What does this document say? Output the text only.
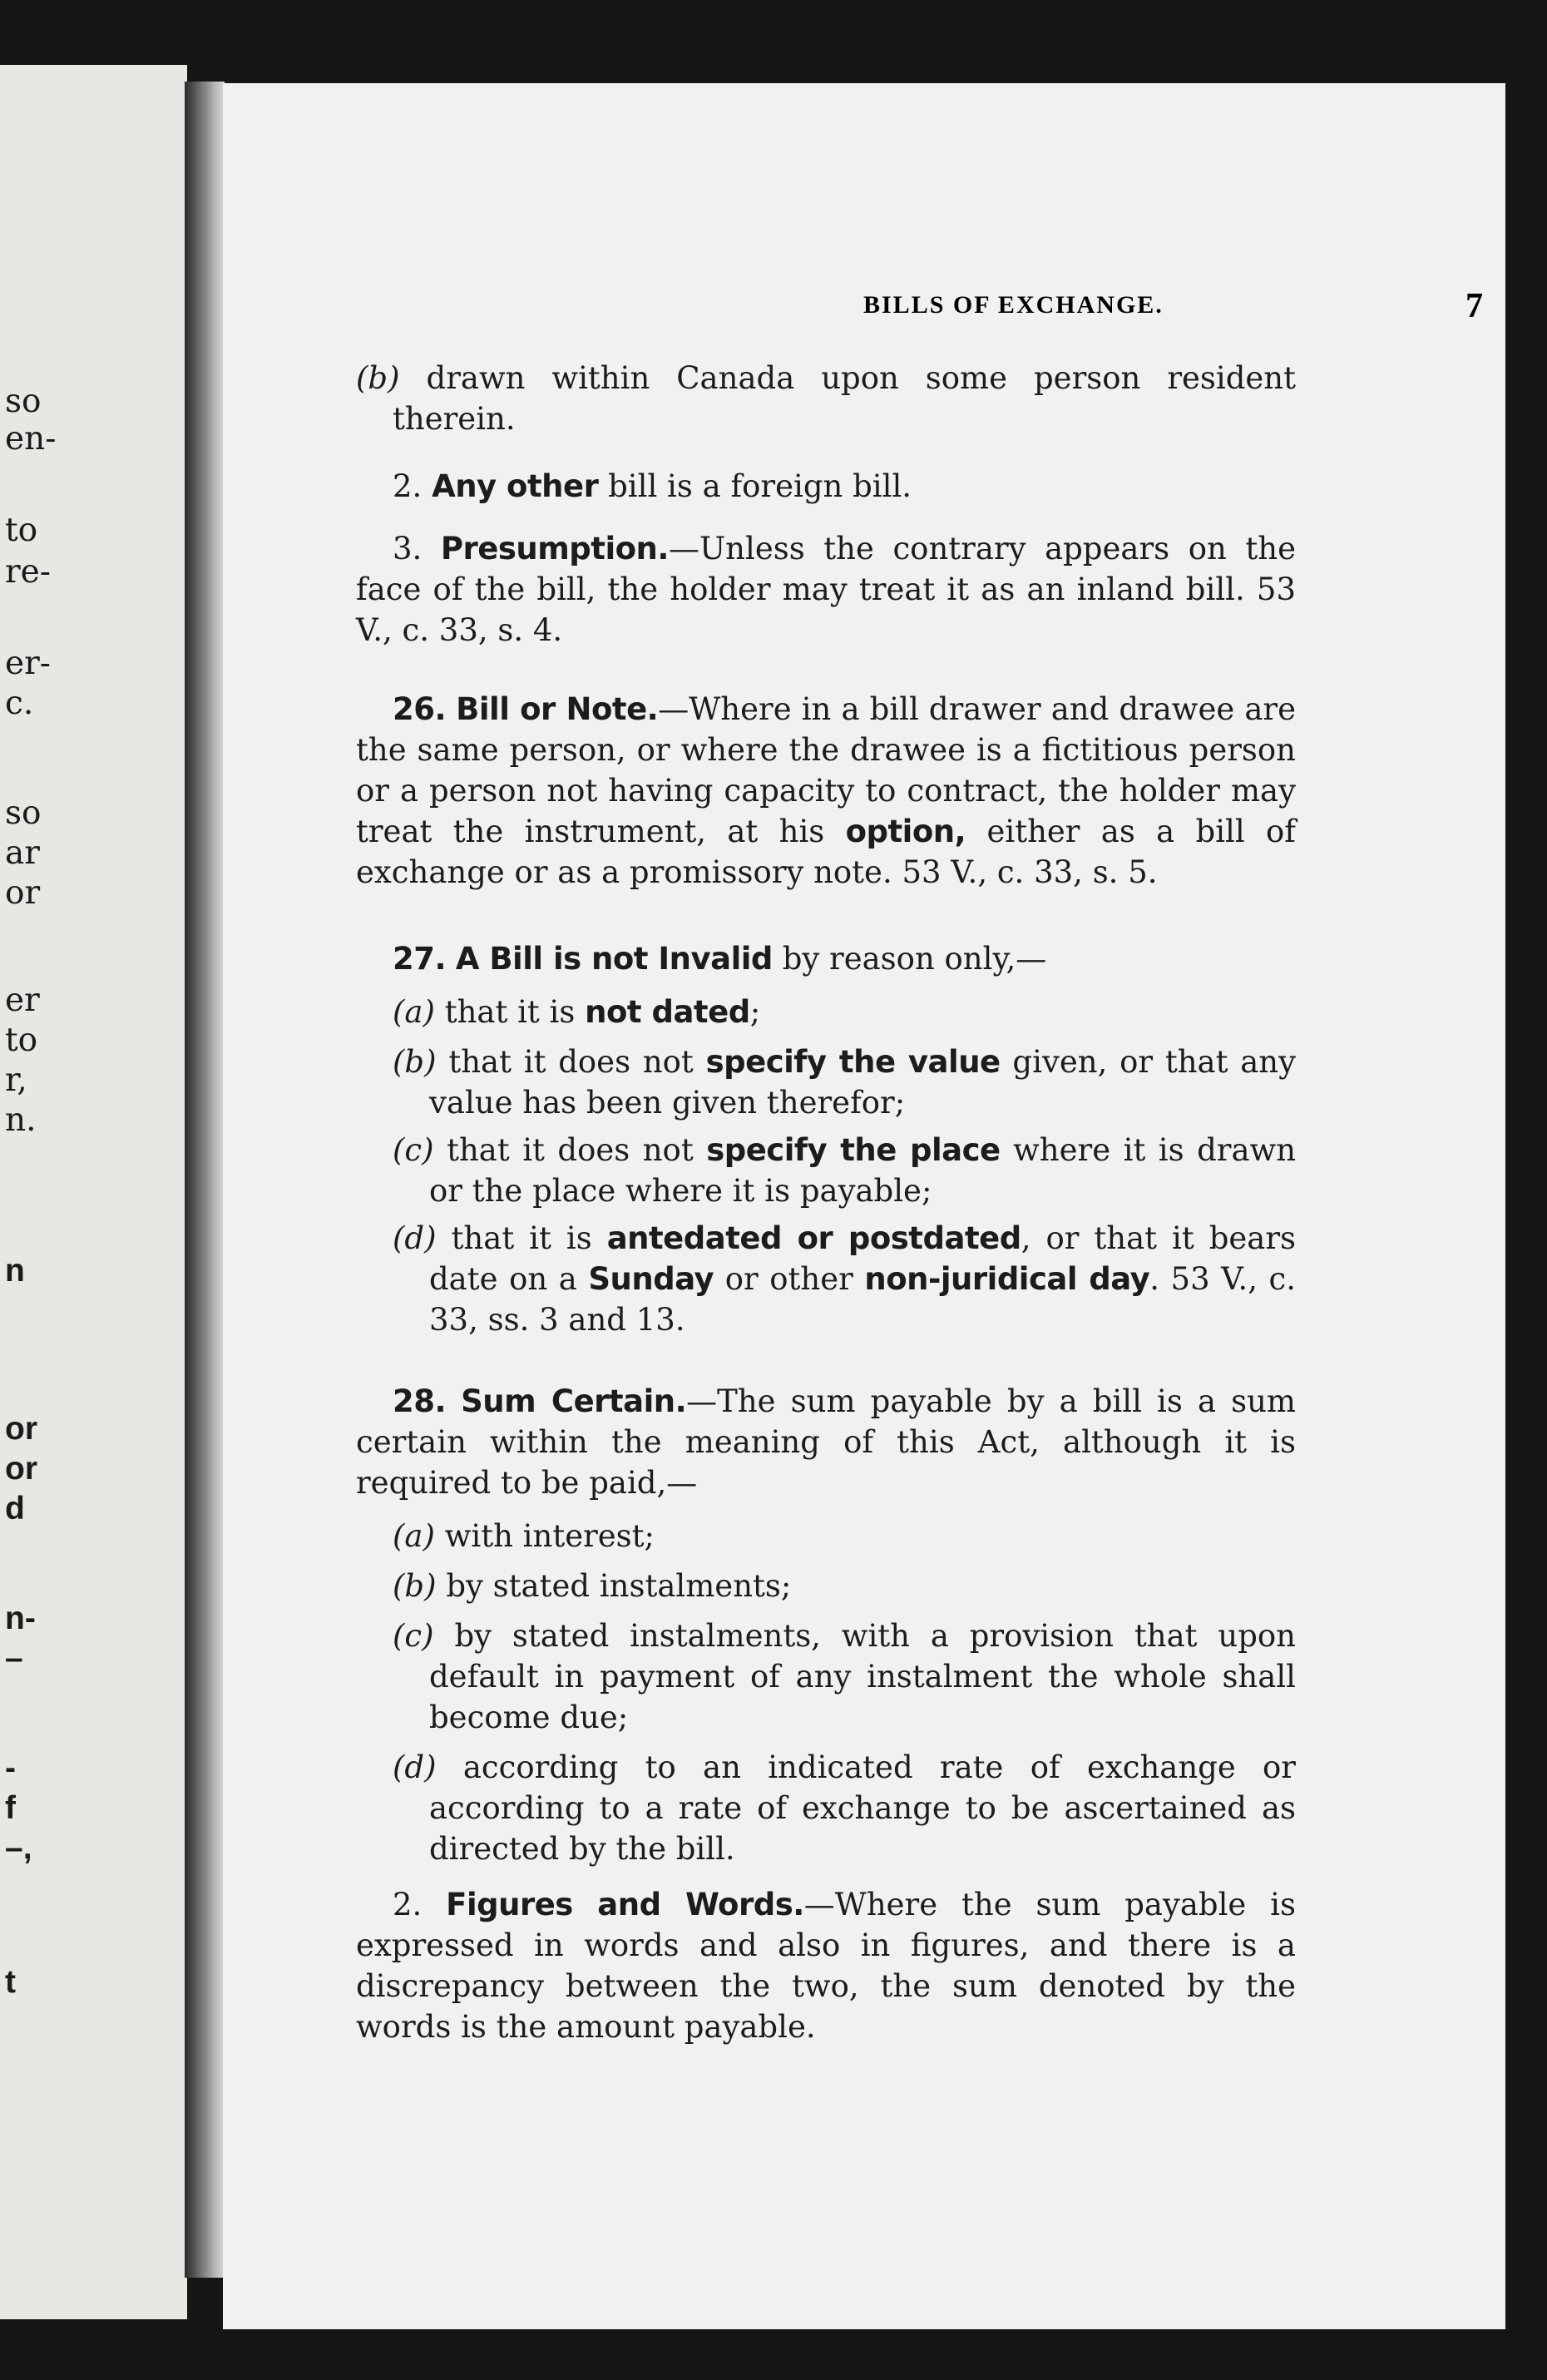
so
en-
to
re-
er-
c.
so
ar
or
er
to
r,
n.
n
or
or
d
n-
–
-
f
–,
t
BILLS OF EXCHANGE.	7
(b) drawn within Canada upon some person resident therein.
2. Any other bill is a foreign bill.
3. Presumption.—Unless the contrary appears on the face of the bill, the holder may treat it as an inland bill. 53 V., c. 33, s. 4.
26. Bill or Note.—Where in a bill drawer and drawee are the same person, or where the drawee is a fictitious person or a person not having capacity to contract, the holder may treat the instrument, at his option, either as a bill of exchange or as a promissory note. 53 V., c. 33, s. 5.
27. A Bill is not Invalid by reason only,—
(a) that it is not dated;
(b) that it does not specify the value given, or that any value has been given therefor;
(c) that it does not specify the place where it is drawn or the place where it is payable;
(d) that it is antedated or postdated, or that it bears date on a Sunday or other non-juridical day. 53 V., c. 33, ss. 3 and 13.
28. Sum Certain.—The sum payable by a bill is a sum certain within the meaning of this Act, although it is required to be paid,—
(a) with interest;
(b) by stated instalments;
(c) by stated instalments, with a provision that upon default in payment of any instalment the whole shall become due;
(d) according to an indicated rate of exchange or according to a rate of exchange to be ascertained as directed by the bill.
2. Figures and Words.—Where the sum payable is expressed in words and also in figures, and there is a discrepancy between the two, the sum denoted by the words is the amount payable.
